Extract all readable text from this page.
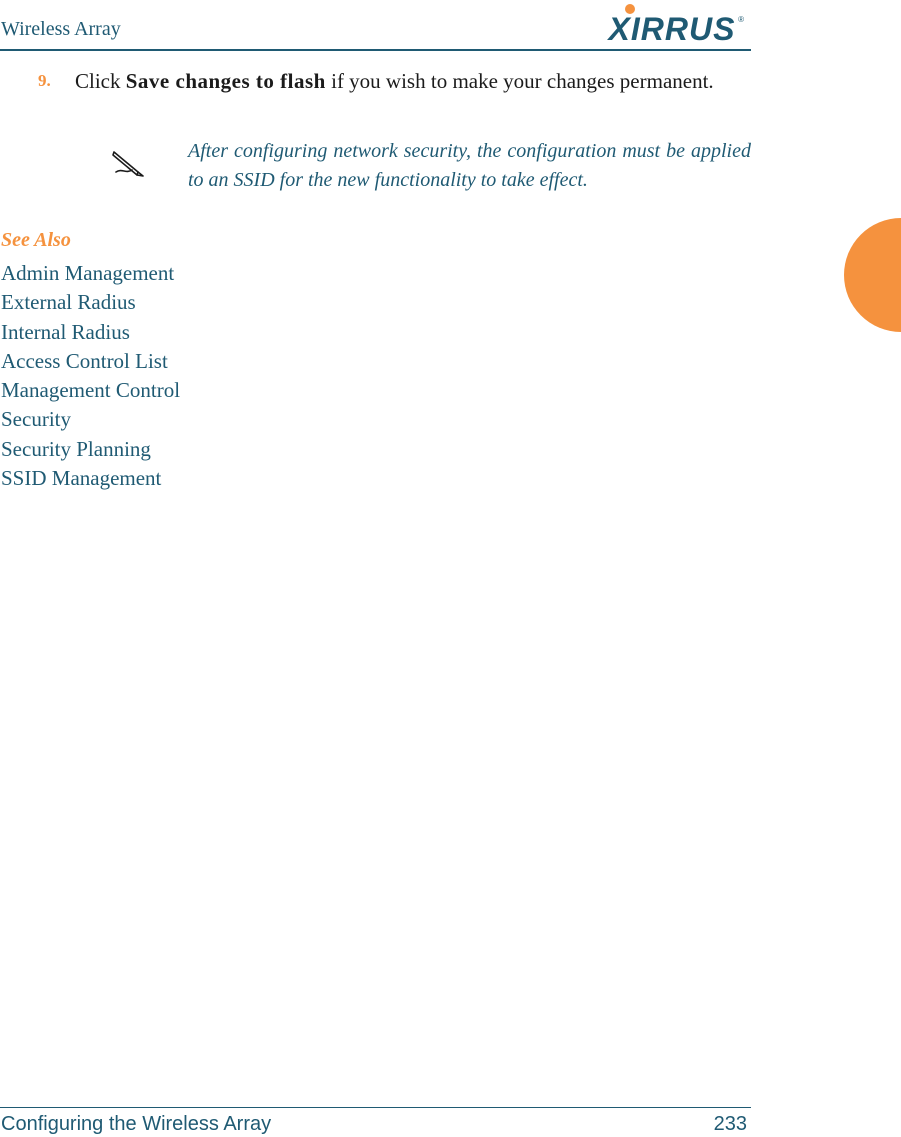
Wireless Array	XIRRUS ®
9. Click Save changes to flash if you wish to make your changes permanent.
After configuring network security, the configuration must be applied to an SSID for the new functionality to take effect.
See Also
Admin Management
External Radius
Internal Radius
Access Control List
Management Control
Security
Security Planning
SSID Management
Configuring the Wireless Array	233
